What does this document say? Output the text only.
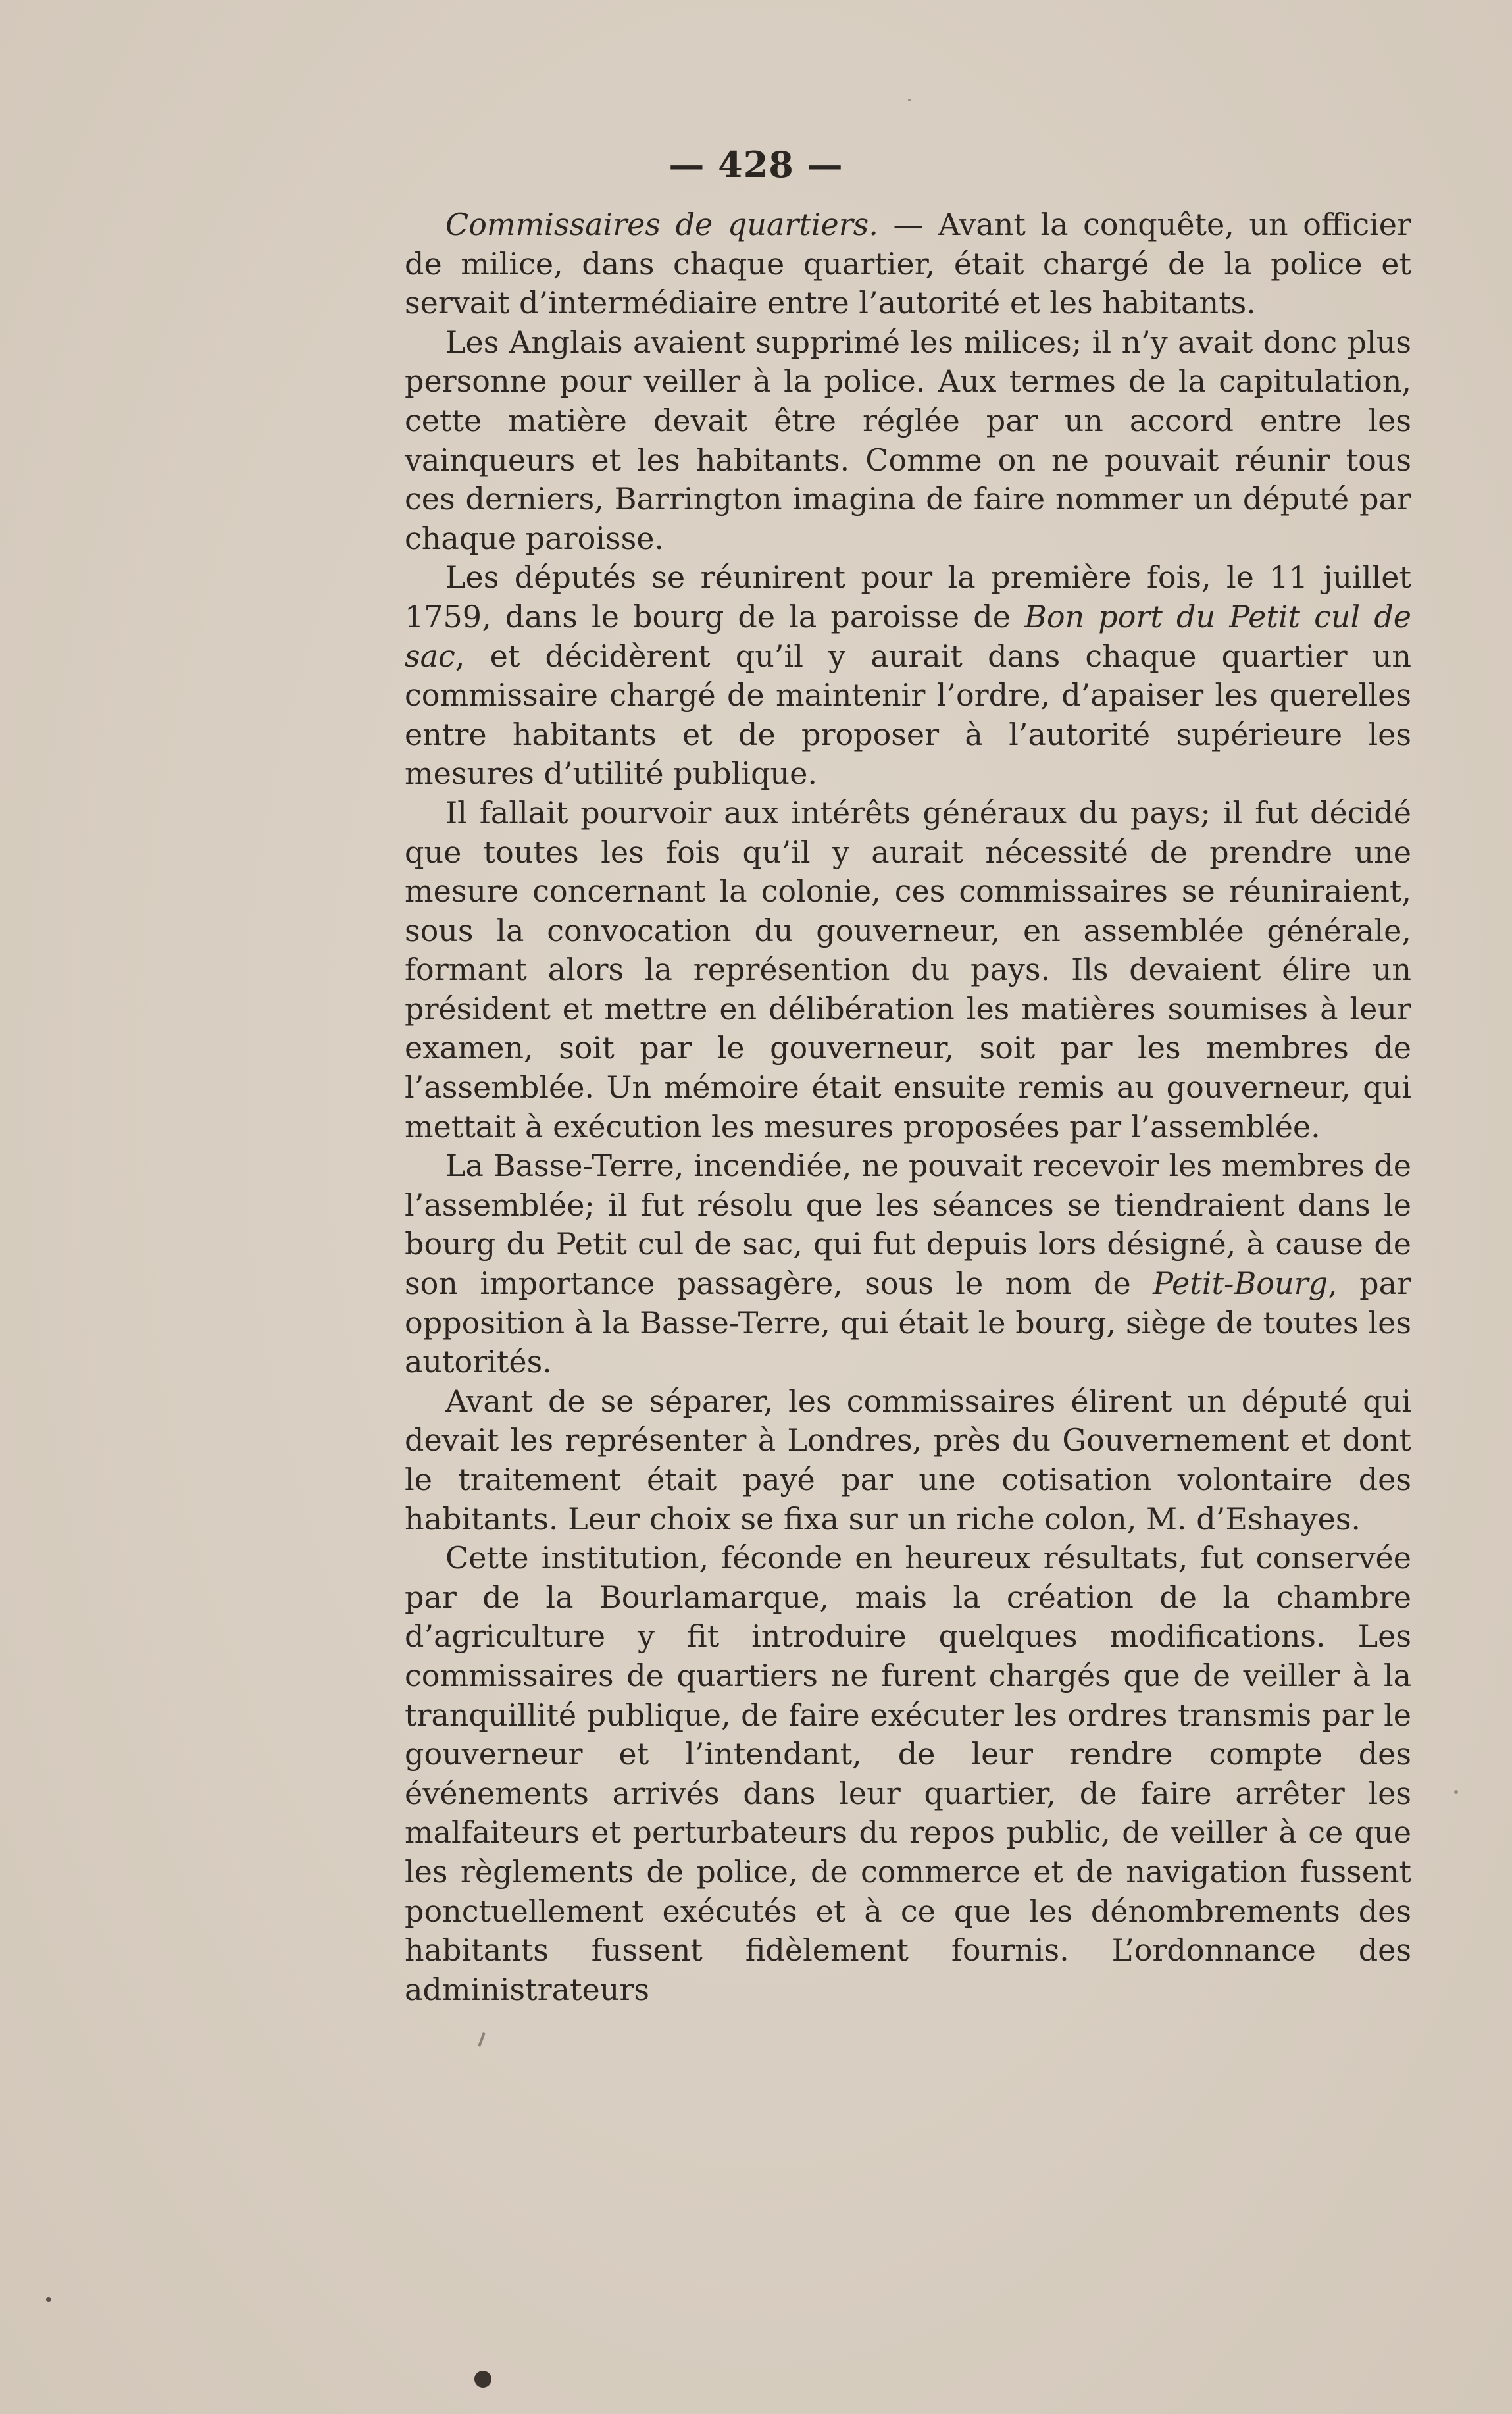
— 428 —

Commissaires de quartiers. — Avant la conquête, un officier de milice, dans chaque quartier, était chargé de la police et servait d’intermédiaire entre l’autorité et les habitants.

Les Anglais avaient supprimé les milices; il n’y avait donc plus personne pour veiller à la police. Aux termes de la capitulation, cette matière devait être réglée par un accord entre les vainqueurs et les habitants. Comme on ne pouvait réunir tous ces derniers, Barrington imagina de faire nommer un député par chaque paroisse.

Les députés se réunirent pour la première fois, le 11 juillet 1759, dans le bourg de la paroisse de Bon port du Petit cul de sac, et décidèrent qu’il y aurait dans chaque quartier un commissaire chargé de maintenir l’ordre, d’apaiser les querelles entre habitants et de proposer à l’autorité supérieure les mesures d’utilité publique.

Il fallait pourvoir aux intérêts généraux du pays; il fut décidé que toutes les fois qu’il y aurait nécessité de prendre une mesure concernant la colonie, ces commissaires se réuniraient, sous la convocation du gouverneur, en assemblée générale, formant alors la représention du pays. Ils devaient élire un président et mettre en délibération les matières soumises à leur examen, soit par le gouverneur, soit par les membres de l’assemblée. Un mémoire était ensuite remis au gouverneur, qui mettait à exécution les mesures proposées par l’assemblée.

La Basse-Terre, incendiée, ne pouvait recevoir les membres de l’assemblée; il fut résolu que les séances se tiendraient dans le bourg du Petit cul de sac, qui fut depuis lors désigné, à cause de son importance passagère, sous le nom de Petit-Bourg, par opposition à la Basse-Terre, qui était le bourg, siège de toutes les autorités.

Avant de se séparer, les commissaires élirent un député qui devait les représenter à Londres, près du Gouvernement et dont le traitement était payé par une cotisation volontaire des habitants. Leur choix se fixa sur un riche colon, M. d’Eshayes.

Cette institution, féconde en heureux résultats, fut conservée par de la Bourlamarque, mais la création de la chambre d’agriculture y fit introduire quelques modifications. Les commissaires de quartiers ne furent chargés que de veiller à la tranquillité publique, de faire exécuter les ordres transmis par le gouverneur et l’intendant, de leur rendre compte des événements arrivés dans leur quartier, de faire arrêter les malfaiteurs et perturbateurs du repos public, de veiller à ce que les règlements de police, de commerce et de navigation fussent ponctuellement exécutés et à ce que les dénombrements des habitants fussent fidèlement fournis. L’ordonnance des administrateurs
